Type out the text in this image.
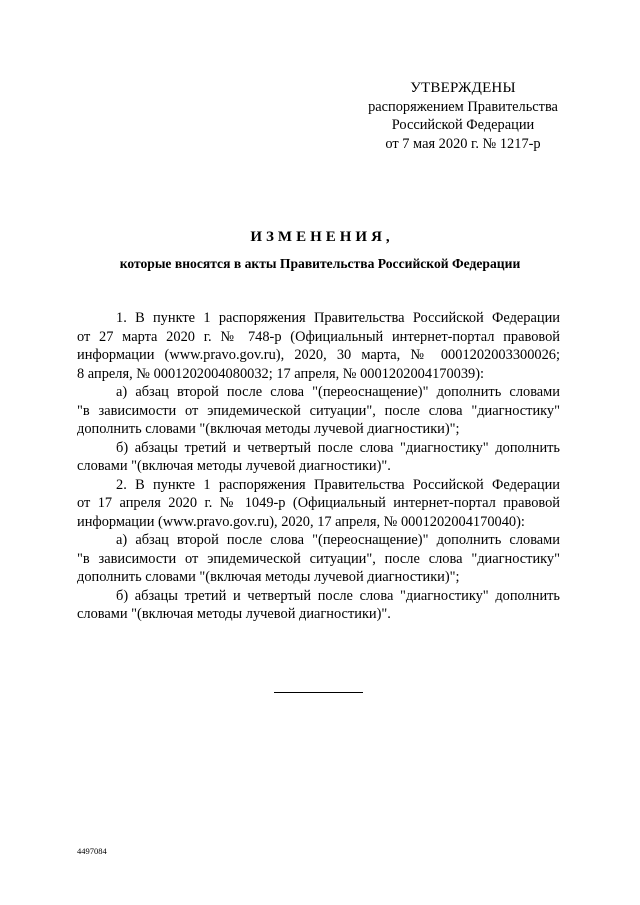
УТВЕРЖДЕНЫ
распоряжением Правительства
Российской Федерации
от 7 мая 2020 г. № 1217-р
ИЗМЕНЕНИЯ,
которые вносятся в акты Правительства Российской Федерации

1. В пункте 1 распоряжения Правительства Российской Федерации
от 27 марта 2020 г. № 748-р (Официальный интернет-портал правовой
информации (www.pravo.gov.ru), 2020, 30 марта, № 0001202003300026;
8 апреля, № 0001202004080032; 17 апреля, № 0001202004170039):

а) абзац второй после слова "(переоснащение)" дополнить словами
"в зависимости от эпидемической ситуации", после слова "диагностику"
дополнить словами "(включая методы лучевой диагностики)";

б) абзацы третий и четвертый после слова "диагностику" дополнить
словами "(включая методы лучевой диагностики)".

2. В пункте 1 распоряжения Правительства Российской Федерации
от 17 апреля 2020 г. № 1049-р (Официальный интернет-портал правовой
информации (www.pravo.gov.ru), 2020, 17 апреля, № 0001202004170040):

а) абзац второй после слова "(переоснащение)" дополнить словами
"в зависимости от эпидемической ситуации", после слова "диагностику"
дополнить словами "(включая методы лучевой диагностики)";

б) абзацы третий и четвертый после слова "диагностику" дополнить
словами "(включая методы лучевой диагностики)".

4497084
